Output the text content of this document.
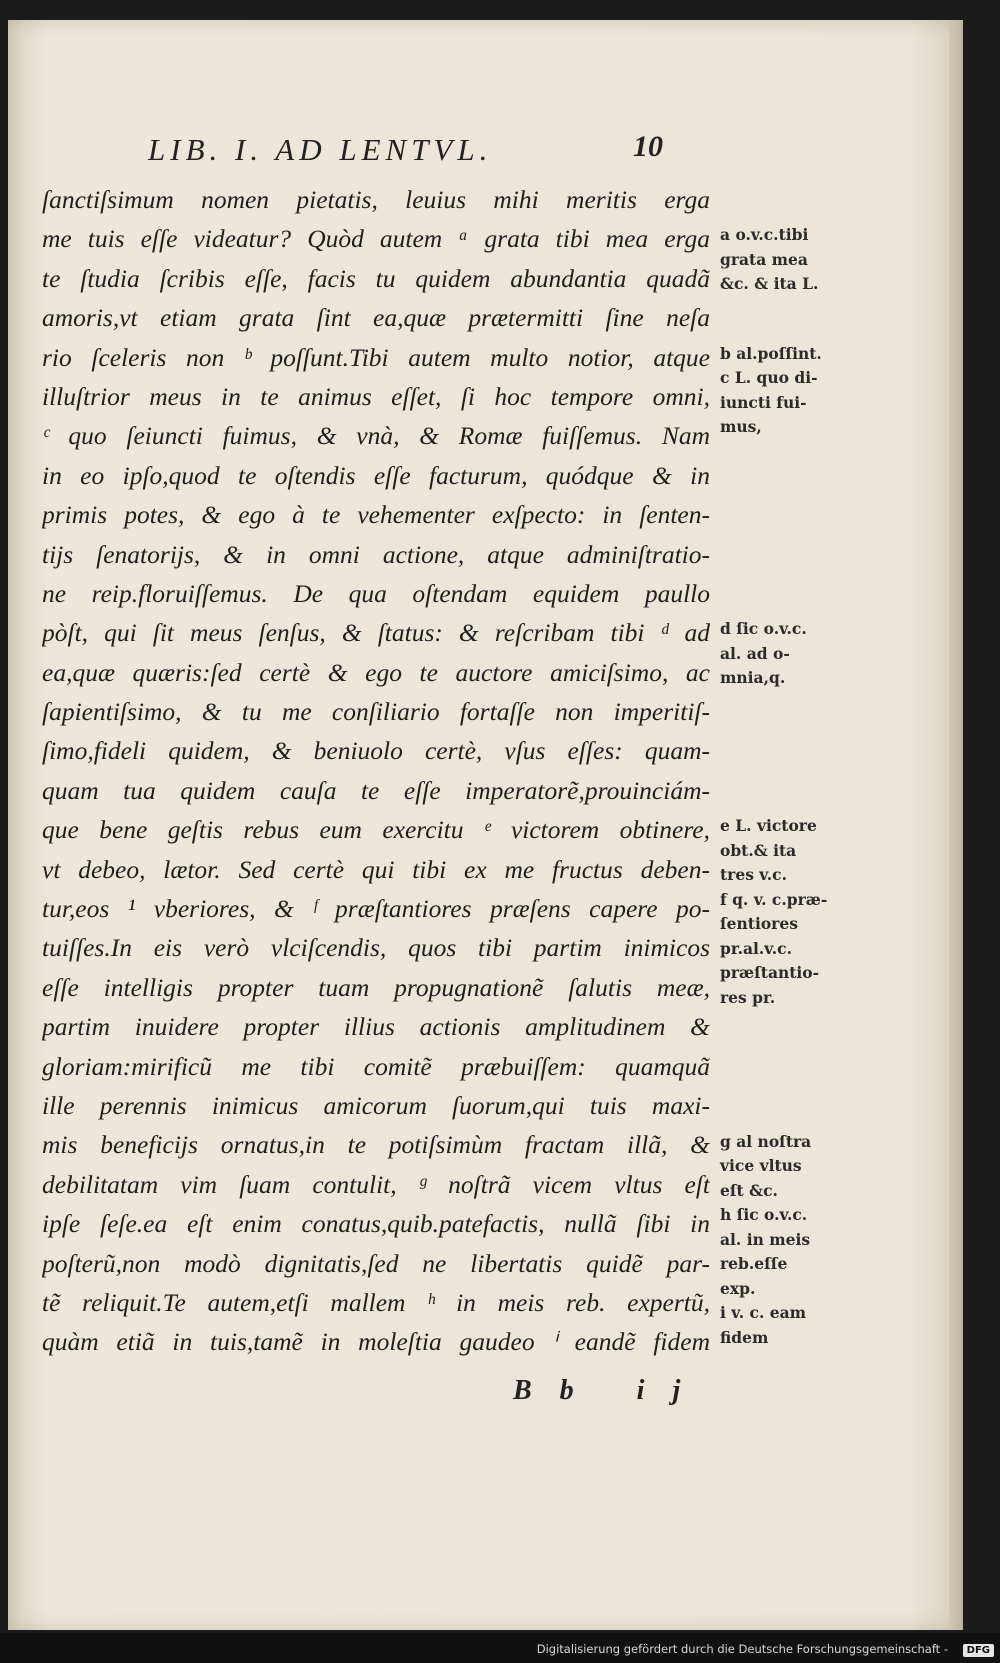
LIB. I. AD LENTVL.	10
ſanctiſsimum nomen pietatis, leuius mihi meritis erga
me tuis eſſe videatur? Quòd autem ᵃ grata tibi mea erga
te ſtudia ſcribis eſſe, facis tu quidem abundantia quadã
amoris,vt etiam grata ſint ea,quæ prætermitti ſine neſa
rio ſceleris non ᵇ poſſunt.Tibi autem multo notior, atque
illuſtrior meus in te animus eſſet, ſi hoc tempore omni,
ᶜ quo ſeiuncti fuimus, & vnà, & Romæ fuiſſemus. Nam
in eo ipſo,quod te oſtendis eſſe facturum, quódque & in
primis potes, & ego à te vehementer exſpecto: in ſenten-
tijs ſenatorijs, & in omni actione, atque adminiſtratio-
ne reip.floruiſſemus. De qua oſtendam equidem paullo
pòſt, qui ſit meus ſenſus, & ſtatus: & reſcribam tibi ᵈ ad
ea,quæ quæris:ſed certè & ego te auctore amiciſsimo, ac
ſapientiſsimo, & tu me conſiliario fortaſſe non imperitiſ-
ſimo,fideli quidem, & beniuolo certè, vſus eſſes: quam-
quam tua quidem cauſa te eſſe imperatorẽ,prouinciám-
que bene geſtis rebus eum exercitu ᵉ victorem obtinere,
vt debeo, lætor. Sed certè qui tibi ex me fructus deben-
tur,eos ¹ vberiores, & ᶠ præſtantiores præſens capere po-
tuiſſes.In eis verò vlciſcendis, quos tibi partim inimicos
eſſe intelligis propter tuam propugnationẽ ſalutis meæ,
partim inuidere propter illius actionis amplitudinem &
gloriam:mirificũ me tibi comitẽ præbuiſſem: quamquã
ille perennis inimicus amicorum ſuorum,qui tuis maxi-
mis beneficijs ornatus,in te potiſsimùm fractam illã, &
debilitatam vim ſuam contulit, ᵍ noſtrã vicem vltus eſt
ipſe ſeſe.ea eſt enim conatus,quib.patefactis, nullã ſibi in
poſterũ,non modò dignitatis,ſed ne libertatis quidẽ par-
tẽ reliquit.Te autem,etſi mallem ʰ in meis reb. expertũ,
quàm etiã in tuis,tamẽ in moleſtia gaudeo ⁱ eandẽ fidem
a o.v.c.tibi
grata mea
&c. & ita L.
b al.poſſint.
c L. quo di-
iuncti fui-
mus,
d ſic o.v.c.
al. ad o-
mnia,q.
e L. victore
obt.& ita
tres v.c.
f q. v. c.præ-
ſentiores
pr.al.v.c.
præſtantio-
res pr.
g al noſtra
vice vltus
eſt &c.
h ſic o.v.c.
al. in meis
reb.eſſe
exp.
i v. c. eam
fidem
Bb ij
Digitalisierung gefördert durch die Deutsche Forschungsgemeinschaft -	DFG
